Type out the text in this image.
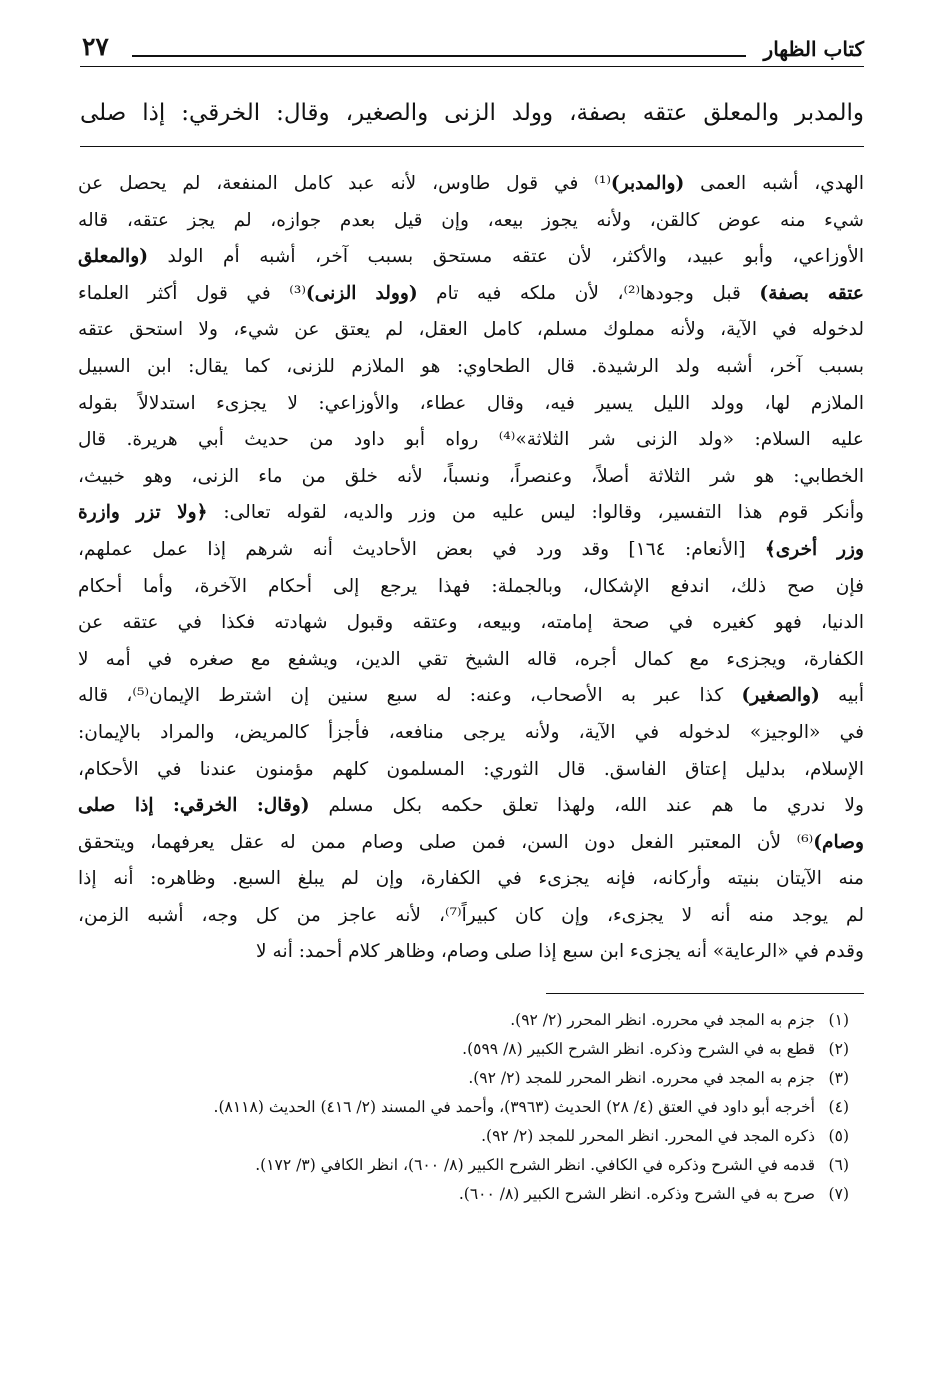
٢٧	كتاب الظهار
والمدبر والمعلق عتقه بصفة، وولد الزنى والصغير، وقال: الخرقي: إذا صلى
الهدي، أشبه العمى (والمدبر)⁽¹⁾ في قول طاوس، لأنه عبد كامل المنفعة، لم يحصل عن
شيء منه عوض كالقن، ولأنه يجوز بيعه، وإن قيل بعدم جوازه، لم يجز عتقه، قاله
الأوزاعي، وأبو عبيد، والأكثر، لأن عتقه مستحق بسبب آخر، أشبه أم الولد (والمعلق
عتقه بصفة) قبل وجودها⁽²⁾، لأن ملكه فيه تام (وولد الزنى)⁽³⁾ في قول أكثر العلماء
لدخوله في الآية، ولأنه مملوك مسلم، كامل العقل، لم يعتق عن شيء، ولا استحق عتقه
بسبب آخر، أشبه ولد الرشيدة. قال الطحاوي: هو الملازم للزنى، كما يقال: ابن السبيل
الملازم لها، وولد الليل يسير فيه، وقال عطاء، والأوزاعي: لا يجزىء استدلالاً بقوله
عليه السلام: «ولد الزنى شر الثلاثة»⁽⁴⁾ رواه أبو داود من حديث أبي هريرة. قال
الخطابي: هو شر الثلاثة أصلاً، وعنصراً، ونسباً، لأنه خلق من ماء الزنى، وهو خبيث،
وأنكر قوم هذا التفسير، وقالوا: ليس عليه من وزر والديه، لقوله تعالى: ﴿ولا تزر وازرة
وزر أخرى﴾ [الأنعام: ١٦٤] وقد ورد في بعض الأحاديث أنه شرهم إذا عمل عملهم،
فإن صح ذلك، اندفع الإشكال، وبالجملة: فهذا يرجع إلى أحكام الآخرة، وأما أحكام
الدنيا، فهو كغيره في صحة إمامته، وبيعه، وعتقه وقبول شهادته فكذا في عتقه عن
الكفارة، ويجزىء مع كمال أجره، قاله الشيخ تقي الدين، ويشفع مع صغره في أمه لا
أبيه (والصغير) كذا عبر به الأصحاب، وعنه: له سبع سنين إن اشترط الإيمان⁽⁵⁾، قاله
في «الوجيز» لدخوله في الآية، ولأنه يرجى منافعه، فأجزأ كالمريض، والمراد بالإيمان:
الإسلام، بدليل إعتاق الفاسق. قال الثوري: المسلمون كلهم مؤمنون عندنا في الأحكام،
ولا ندري ما هم عند الله، ولهذا تعلق حكمه بكل مسلم (وقال: الخرقي: إذا صلى
وصام)⁽⁶⁾ لأن المعتبر الفعل دون السن، فمن صلى وصام ممن له عقل يعرفهما، ويتحقق
منه الآيتان بنيته وأركانه، فإنه يجزىء في الكفارة، وإن لم يبلغ السبع. وظاهره: أنه إذا
لم يوجد منه أنه لا يجزىء، وإن كان كبيراً⁽⁷⁾، لأنه عاجز من كل وجه، أشبه الزمن،
وقدم في «الرعاية» أنه يجزىء ابن سبع إذا صلى وصام، وظاهر كلام أحمد: أنه لا
(١)
جزم به المجد في محرره. انظر المحرر (٢/ ٩٢).
(٢)
قطع به في الشرح وذكره. انظر الشرح الكبير (٨/ ٥٩٩).
(٣)
جزم به المجد في محرره. انظر المحرر للمجد (٢/ ٩٢).
(٤)
أخرجه أبو داود في العتق (٤/ ٢٨) الحديث (٣٩٦٣)، وأحمد في المسند (٢/ ٤١٦) الحديث (٨١١٨).
(٥)
ذكره المجد في المحرر. انظر المحرر للمجد (٢/ ٩٢).
(٦)
قدمه في الشرح وذكره في الكافي. انظر الشرح الكبير (٨/ ٦٠٠)، انظر الكافي (٣/ ١٧٢).
(٧)
صرح به في الشرح وذكره. انظر الشرح الكبير (٨/ ٦٠٠).
